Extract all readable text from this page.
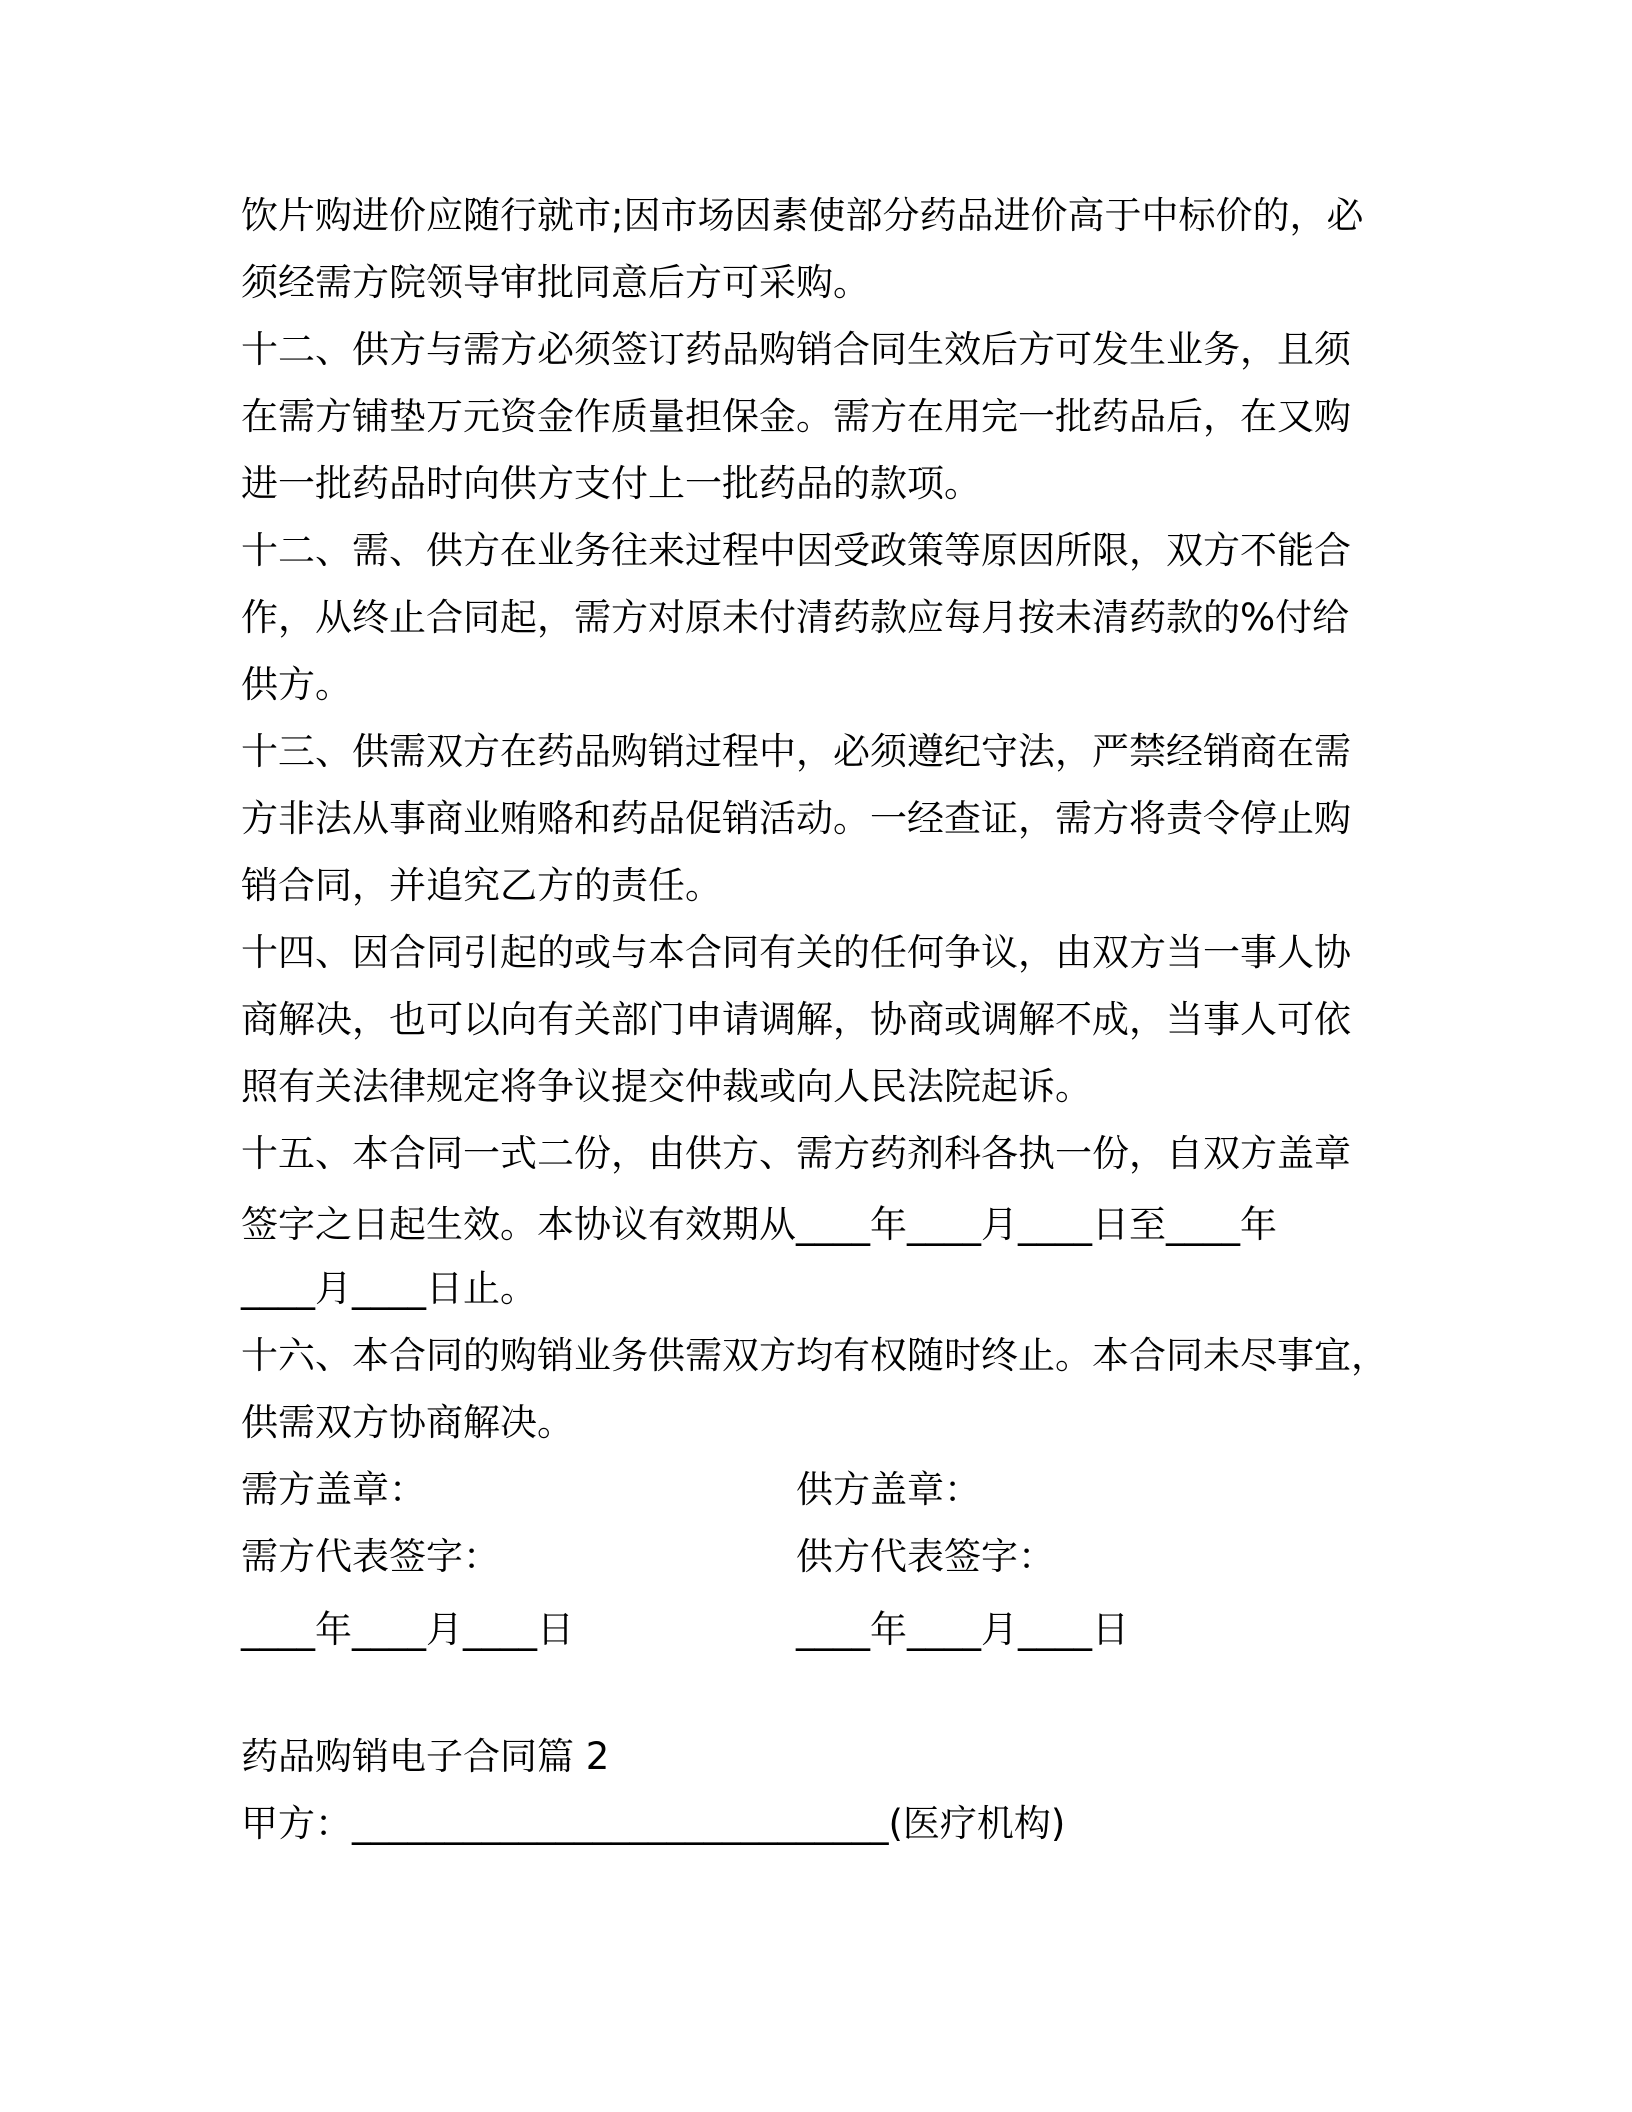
饮片购进价应随行就市;因市场因素使部分药品进价高于中标价的，必
须经需方院领导审批同意后方可采购。
十二、供方与需方必须签订药品购销合同生效后方可发生业务，且须
在需方铺垫万元资金作质量担保金。需方在用完一批药品后，在又购
进一批药品时向供方支付上一批药品的款项。
十二、需、供方在业务往来过程中因受政策等原因所限，双方不能合
作，从终止合同起，需方对原未付清药款应每月按未清药款的%付给
供方。
十三、供需双方在药品购销过程中，必须遵纪守法，严禁经销商在需
方非法从事商业贿赂和药品促销活动。一经查证，需方将责令停止购
销合同，并追究乙方的责任。
十四、因合同引起的或与本合同有关的任何争议，由双方当一事人协
商解决，也可以向有关部门申请调解，协商或调解不成，当事人可依
照有关法律规定将争议提交仲裁或向人民法院起诉。
十五、本合同一式二份，由供方、需方药剂科各执一份，自双方盖章
签字之日起生效。本协议有效期从____年____月____日至____年
____月____日止。
十六、本合同的购销业务供需双方均有权随时终止。本合同未尽事宜，
供需双方协商解决。
需方盖章：	供方盖章：
需方代表签字：	供方代表签字：
____年____月____日	____年____月____日
药品购销电子合同篇 2
甲方：_____________________________(医疗机构)
